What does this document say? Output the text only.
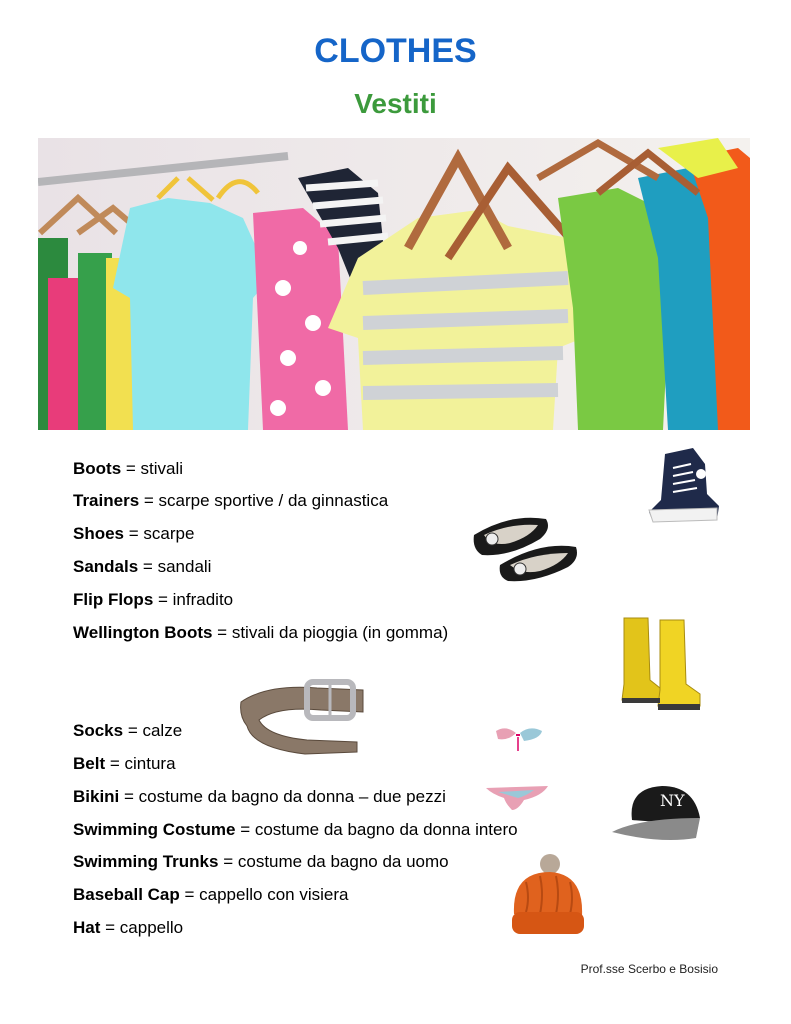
CLOTHES
Vestiti
Boots = stivali
Trainers = scarpe sportive / da ginnastica
Shoes = scarpe
Sandals = sandali
Flip Flops = infradito
Wellington Boots = stivali da pioggia (in gomma)
Socks = calze
Belt = cintura
Bikini = costume da bagno da donna – due pezzi
Swimming Costume = costume da bagno da donna intero
Swimming Trunks = costume da bagno da uomo
Baseball Cap = cappello con visiera
Hat = cappello
NY
Prof.sse Scerbo e Bosisio
